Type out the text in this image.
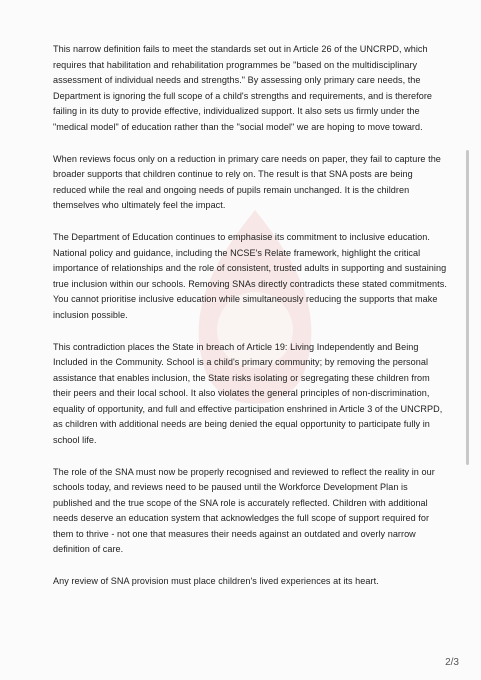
This narrow definition fails to meet the standards set out in Article 26 of the UNCRPD, which requires that habilitation and rehabilitation programmes be "based on the multidisciplinary assessment of individual needs and strengths." By assessing only primary care needs, the Department is ignoring the full scope of a child's strengths and requirements, and is therefore failing in its duty to provide effective, individualized support. It also sets us firmly under the "medical model" of education rather than the "social model" we are hoping to move toward.

When reviews focus only on a reduction in primary care needs on paper, they fail to capture the broader supports that children continue to rely on. The result is that SNA posts are being reduced while the real and ongoing needs of pupils remain unchanged. It is the children themselves who ultimately feel the impact.

The Department of Education continues to emphasise its commitment to inclusive education. National policy and guidance, including the NCSE's Relate framework, highlight the critical importance of relationships and the role of consistent, trusted adults in supporting and sustaining true inclusion within our schools. Removing SNAs directly contradicts these stated commitments. You cannot prioritise inclusive education while simultaneously reducing the supports that make inclusion possible.

This contradiction places the State in breach of Article 19: Living Independently and Being Included in the Community. School is a child's primary community; by removing the personal assistance that enables inclusion, the State risks isolating or segregating these children from their peers and their local school. It also violates the general principles of non-discrimination, equality of opportunity, and full and effective participation enshrined in Article 3 of the UNCRPD, as children with additional needs are being denied the equal opportunity to participate fully in school life.

The role of the SNA must now be properly recognised and reviewed to reflect the reality in our schools today, and reviews need to be paused until the Workforce Development Plan is published and the true scope of the SNA role is accurately reflected. Children with additional needs deserve an education system that acknowledges the full scope of support required for them to thrive - not one that measures their needs against an outdated and overly narrow definition of care.

Any review of SNA provision must place children's lived experiences at its heart.

2/3
